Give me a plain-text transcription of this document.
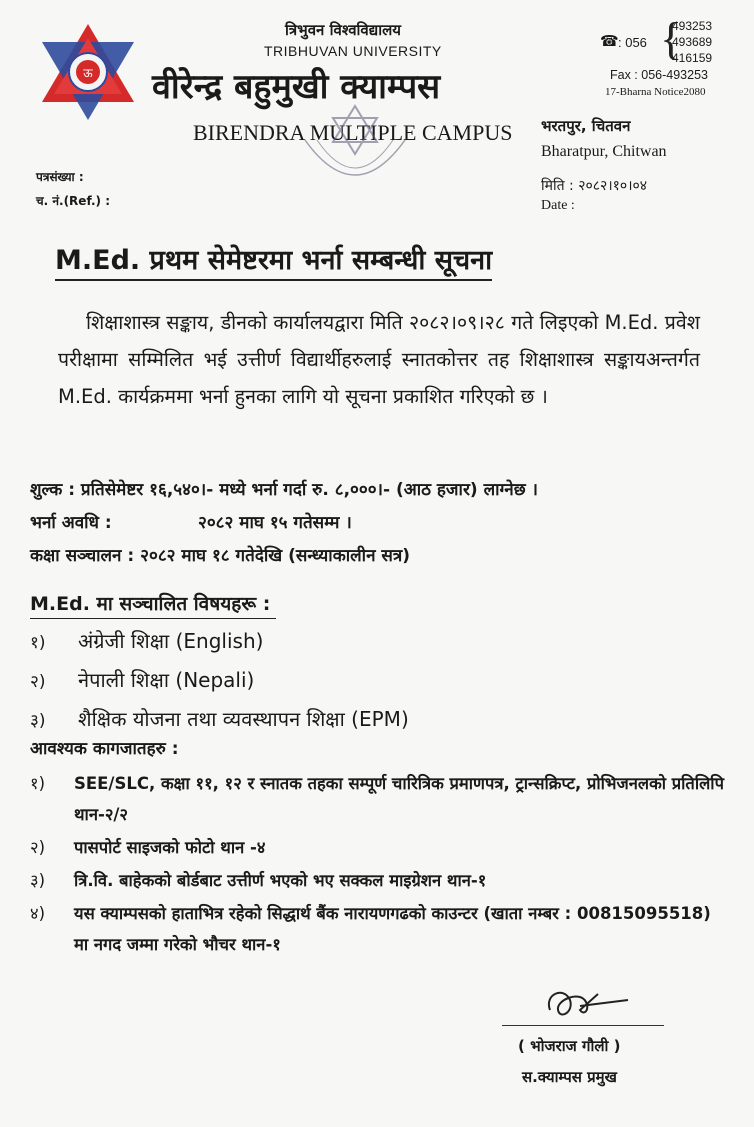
ऊ
त्रिभुवन विश्वविद्यालय
TRIBHUVAN UNIVERSITY
वीरेन्द्र बहुमुखी क्याम्पस
BIRENDRA MULTIPLE CAMPUS
☎ : 056 {
493253
493689
416159
Fax : 056-493253
17-Bharna Notice2080
भरतपुर, चितवन
Bharatpur, Chitwan
पत्रसंख्या :
च. नं.(Ref.) :
मिति : २०८२।१०।०४
Date :
M.Ed. प्रथम सेमेष्टरमा भर्ना सम्बन्धी सूचना

शिक्षाशास्त्र सङ्काय, डीनको कार्यालयद्वारा मिति २०८२।०९।२८ गते लिइएको M.Ed. प्रवेश परीक्षामा सम्मिलित भई उत्तीर्ण विद्यार्थीहरुलाई स्नातकोत्तर तह शिक्षाशास्त्र सङ्कायअन्तर्गत M.Ed. कार्यक्रममा भर्ना हुनका लागि यो सूचना प्रकाशित गरिएको छ ।

शुल्क : प्रतिसेमेष्टर १६,५४०।- मध्ये भर्ना गर्दा रु. ८,०००।- (आठ हजार) लाग्नेछ ।
भर्ना अवधि :	२०८२ माघ १५ गतेसम्म ।
कक्षा सञ्चालन : २०८२ माघ १८ गतेदेखि (सन्ध्याकालीन सत्र)
M.Ed. मा सञ्चालित विषयहरू :
१) अंग्रेजी शिक्षा (English)
२) नेपाली शिक्षा (Nepali)
३) शैक्षिक योजना तथा व्यवस्थापन शिक्षा (EPM)
आवश्यक कागजातहरु :
१) SEE/SLC, कक्षा ११, १२ र स्नातक तहका सम्पूर्ण चारित्रिक प्रमाणपत्र, ट्रान्सक्रिप्ट, प्रोभिजनलको प्रतिलिपि थान-२/२
२) पासपोर्ट साइजको फोटो थान -४
३) त्रि.वि. बाहेकको बोर्डबाट उत्तीर्ण भएको भए सक्कल माइग्रेशन थान-१
४) यस क्याम्पसको हाताभित्र रहेको सिद्धार्थ बैंक नारायणगढको काउन्टर (खाता नम्बर : 00815095518) मा नगद जम्मा गरेको भौचर थान-१
( भोजराज गौली )
स.क्याम्पस प्रमुख
